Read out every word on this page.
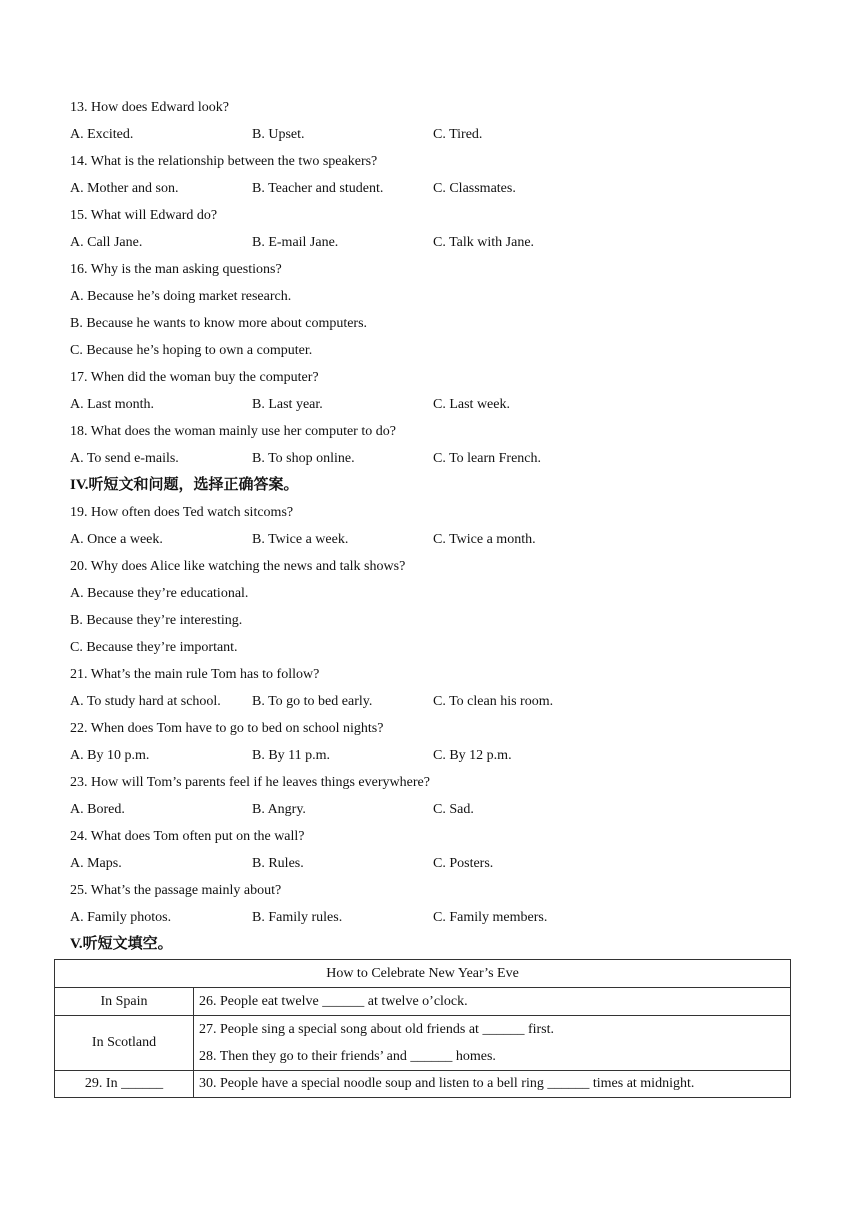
13. How does Edward look?
A. Excited.	B. Upset.	C. Tired.
14. What is the relationship between the two speakers?
A. Mother and son.	B. Teacher and student.	C. Classmates.
15. What will Edward do?
A. Call Jane.	B. E-mail Jane.	C. Talk with Jane.
16. Why is the man asking questions?
A. Because he’s doing market research.
B. Because he wants to know more about computers.
C. Because he’s hoping to own a computer.
17. When did the woman buy the computer?
A. Last month.	B. Last year.	C. Last week.
18. What does the woman mainly use her computer to do?
A. To send e-mails.	B. To shop online.	C. To learn French.
IV.听短文和问题，选择正确答案。
19. How often does Ted watch sitcoms?
A. Once a week.	B. Twice a week.	C. Twice a month.
20. Why does Alice like watching the news and talk shows?
A. Because they’re educational.
B. Because they’re interesting.
C. Because they’re important.
21. What’s the main rule Tom has to follow?
A. To study hard at school.	B. To go to bed early.	C. To clean his room.
22. When does Tom have to go to bed on school nights?
A. By 10 p.m.	B. By 11 p.m.	C. By 12 p.m.
23. How will Tom’s parents feel if he leaves things everywhere?
A. Bored.	B. Angry.	C. Sad.
24. What does Tom often put on the wall?
A. Maps.	B. Rules.	C. Posters.
25. What’s the passage mainly about?
A. Family photos.	B. Family rules.	C. Family members.
V.听短文填空。
How to Celebrate New Year’s Eve	
In Spain	26. People eat twelve ______ at twelve o’clock.
In Scotland	27. People sing a special song about old friends at ______ first.
28. Then they go to their friends’ and ______ homes.

29. In ______	30. People have a special noodle soup and listen to a bell ring ______ times at midnight.
